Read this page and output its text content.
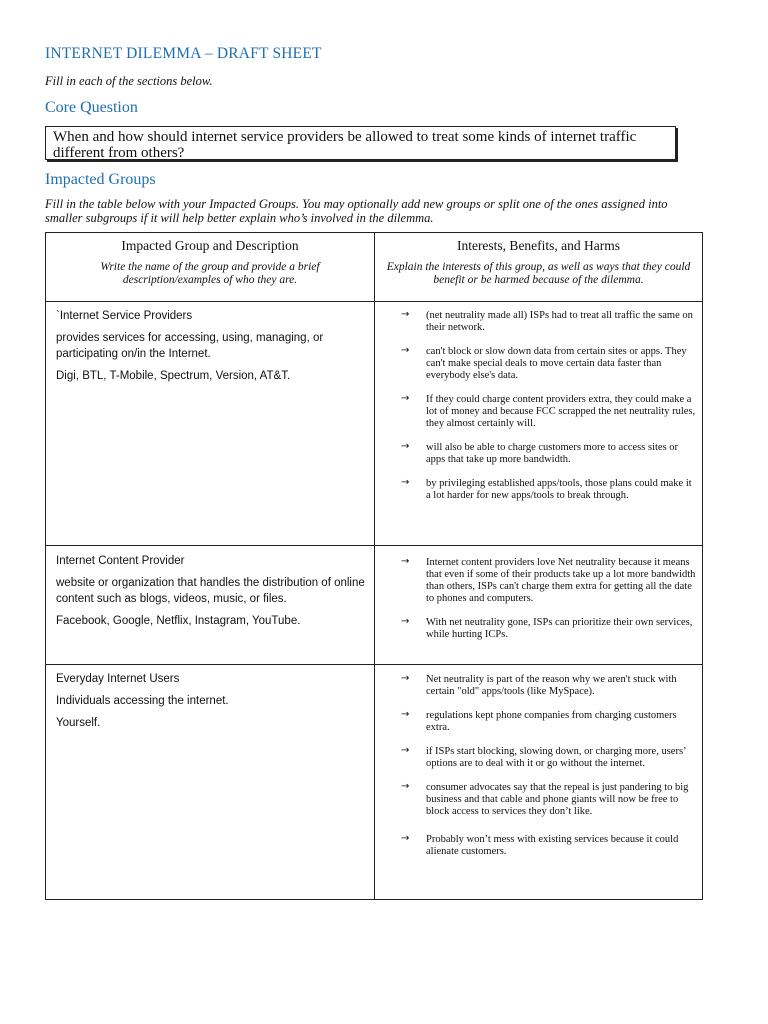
INTERNET DILEMMA – DRAFT SHEET
Fill in each of the sections below.
Core Question
When and how should internet service providers be allowed to treat some kinds of internet traffic different from others?
Impacted Groups
Fill in the table below with your Impacted Groups. You may optionally add new groups or split one of the ones assigned into smaller subgroups if it will help better explain who’s involved in the dilemma.
Impacted Group and Description
Write the name of the group and provide a brief description/examples of who they are.
Interests, Benefits, and Harms
Explain the interests of this group, as well as ways that they could benefit or be harmed because of the dilemma.

`Internet Service Providers

provides services for accessing, using, managing, or participating on/in the Internet.

Digi, BTL, T-Mobile, Spectrum, Version, AT&T.

→ (net neutrality made all) ISPs had to treat all traffic the same on their network.
→ can't block or slow down data from certain sites or apps. They can't make special deals to move certain data faster than everybody else's data.
→ If they could charge content providers extra, they could make a lot of money and because FCC scrapped the net neutrality rules, they almost certainly will.
→ will also be able to charge customers more to access sites or apps that take up more bandwidth.
→ by privileging established apps/tools, those plans could make it a lot harder for new apps/tools to break through.

Internet Content Provider

website or organization that handles the distribution of online content such as blogs, videos, music, or files.

Facebook, Google, Netflix, Instagram, YouTube.

→ Internet content providers love Net neutrality because it means that even if some of their products take up a lot more bandwidth than others, ISPs can't charge them extra for getting all the date to phones and computers.
→ With net neutrality gone, ISPs can prioritize their own services, while hurting ICPs.

Everyday Internet Users

Individuals accessing the internet.

Yourself.

→ Net neutrality is part of the reason why we aren't stuck with certain "old" apps/tools (like MySpace).
→ regulations kept phone companies from charging customers extra.
→ if ISPs start blocking, slowing down, or charging more, users’ options are to deal with it or go without the internet.
→ consumer advocates say that the repeal is just pandering to big business and that cable and phone giants will now be free to block access to services they don’t like.
→ Probably won’t mess with existing services because it could alienate customers.
